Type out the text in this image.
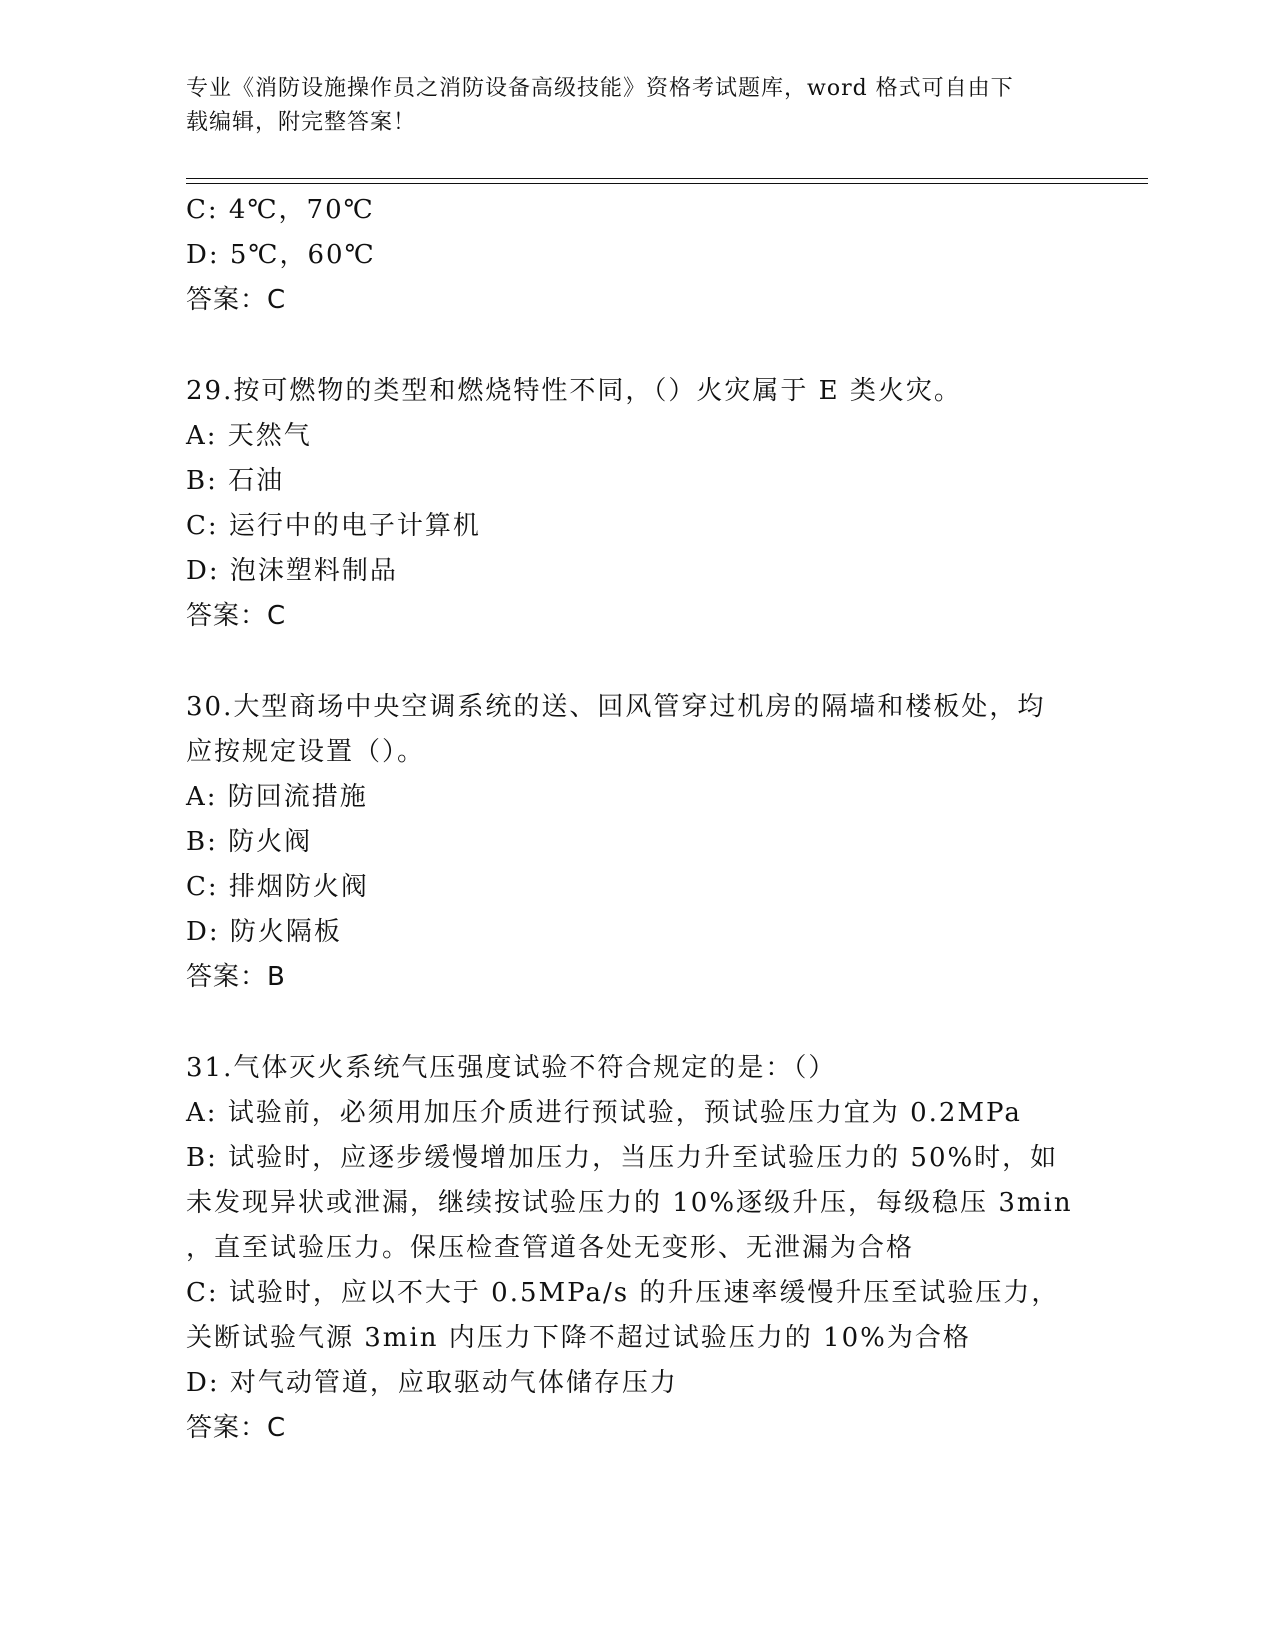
专业《消防设施操作员之消防设备高级技能》资格考试题库，word 格式可自由下
载编辑，附完整答案！
C: 4℃，70℃
D: 5℃，60℃
答案：C
29.按可燃物的类型和燃烧特性不同，（）火灾属于 E 类火灾。
A: 天然气
B: 石油
C: 运行中的电子计算机
D: 泡沫塑料制品
答案：C
30.大型商场中央空调系统的送、回风管穿过机房的隔墙和楼板处，均
应按规定设置（）。
A: 防回流措施
B: 防火阀
C: 排烟防火阀
D: 防火隔板
答案：B
31.气体灭火系统气压强度试验不符合规定的是：（）
A: 试验前，必须用加压介质进行预试验，预试验压力宜为 0.2MPa
B: 试验时，应逐步缓慢增加压力，当压力升至试验压力的 50%时，如
未发现异状或泄漏，继续按试验压力的 10%逐级升压，每级稳压 3min
，直至试验压力。保压检查管道各处无变形、无泄漏为合格
C: 试验时，应以不大于 0.5MPa/s 的升压速率缓慢升压至试验压力，
关断试验气源 3min 内压力下降不超过试验压力的 10%为合格
D: 对气动管道，应取驱动气体储存压力
答案：C
